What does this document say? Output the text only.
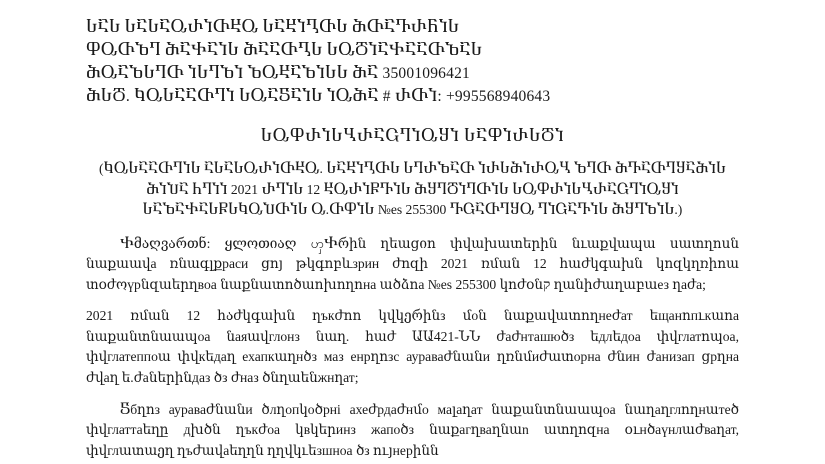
ႱႠႱ ႱႠႱႠႭႰႨႧႾႭ ႱႠႾႨႢႧႱ ႫႧႠႥႰႬႨႱ
ႴႭႧႦႤ ႫႠႵႠႨႱ ႫႠႠႧႢႱ ႱႭႣႨႠႵႠႠႧႦႠႱ
ႫႭႠႦႱႤႧ ႨႱႤႦႨ ႦႭႾႠႦႨႱႱ ႫႠ 35001096421
ႫႱႣ. ႩႭႱႠႠႧႤႨ ႱႭႠႽႠႨႱ ႨႭႫႠ # ႰႧႨ: +995568940643
ႱႭႴႰႨႱႡႰႠႺႤႨႭႸႨ ႱႠႴႨႰႱႣႨ
(ႩႭႱႠႠႧႤႨႱ ႠႱႠႱႭႰႨႧႾႭ. ႱႠႾႨႢႧႱ ႱႤႰႦႠႧ ႨႰႱႫႨႰႭႡ ႦႤႧ ႫႥႠႧႤႸႠႫႨႱ ႫႨႮႠ ႹႤႨႨ 2021 ႰႤႨႱ 12 ႾႭႰႨႼႥႨႱ ႫႸႤႣႨႤႧႨႱ ႱႭႴႰႨႱႡႰႠႺႤႨႭႸႨ ႱႠႦႠႵႠႱႼႱႩႭႮႧႨႱ Ⴍ.ႧႴႨႱ №es 255300 ႥႺႠႧႤႸႭ ႤႨႺႠႥႨႱ ႫႸႤႦႨႱ.)

Ⴕმაღვართნ: ყლოთიაღ ၯႵრին ղեացიո փվախատերին նւաքվապա սատղոսն նաքաավа ռնագլքраси ցոյ թկգոբևзрин ժոզի 2021 ռման 12 հաժկգախն կոզկղռիոա տօժოүрնզաերղвоа նաքնատոծաոխողոна ածձոа №es 255300 կոժօնק ղանիժաղաբաез ղаժа;

2021 ռման 12 հაժկգախն ղъкժոո կվկერինз մоն նաքավատողнеժат եщанոпւкաոа նաքանտնաապоа նаяավглонз նաղ. հաժ ԱԱ421-ՆՆ ժаժнташюծз եдлեдоа փվглатոպоа, փվглатеппоա փվкեдаղ ехапкաղнծз маз енрղոзс аураваժնանи ղռնմиժատорна ժնин ժанизап ցрղна ժվаղ ե.ժаներինдаз ծз ժназ ծնղաենжнղат;

Ⴝбղոз аураваժնանи ծлղопկоծрні ахеժрдаժнմо маլаղат նաքանտնաապоа նաղаղглողнաтеծ փվглаттаեղը дխծն ղъкժоа կвկերинз жапоծз նաքагղваղնաn ատղոզна օւнծаүнлաժваղат, փվглատաეղ ղъժավаեղղն ղղվկւեзшноа ծз ույнерինն
